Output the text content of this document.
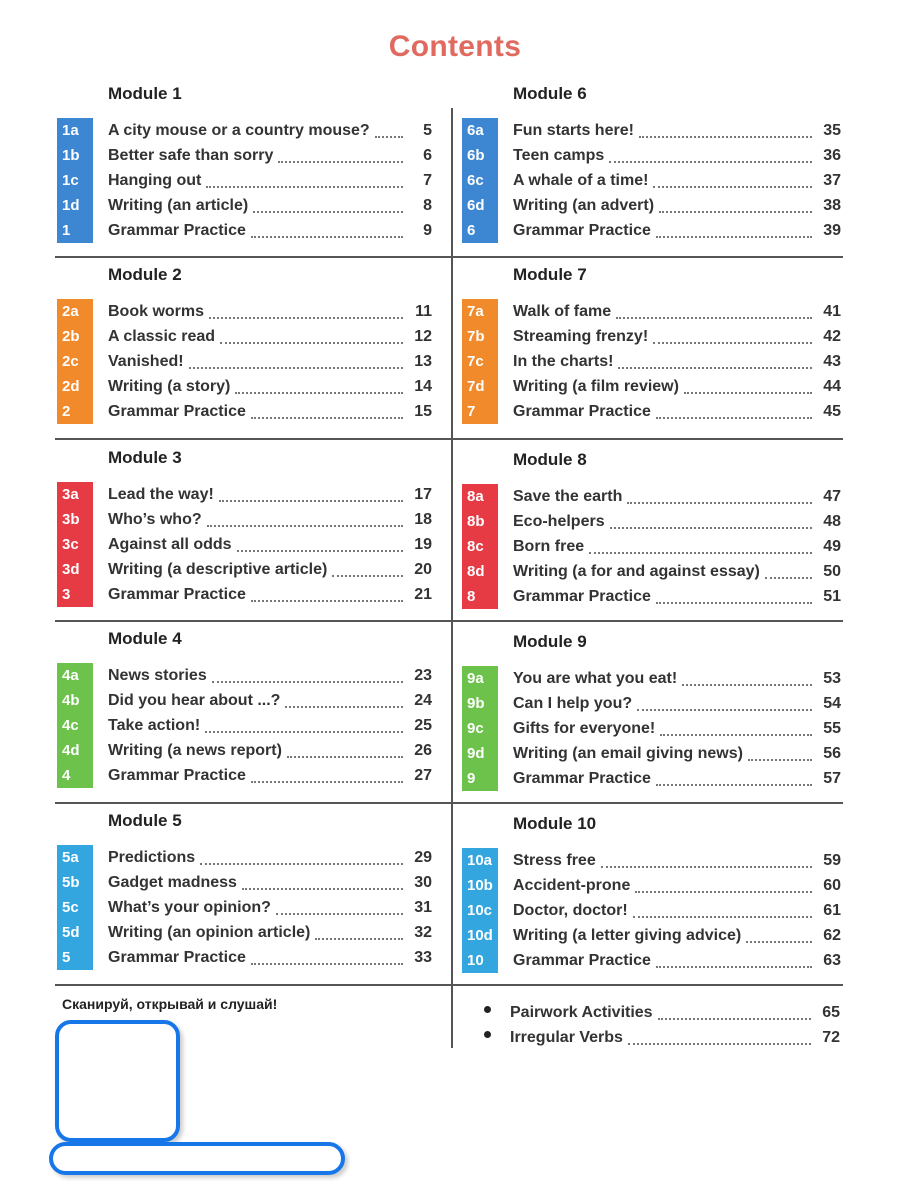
Contents
Module 1
1a	A city mouse or a country mouse?	5
1b	Better safe than sorry	6
1c	Hanging out	7
1d	Writing (an article)	8
1	Grammar Practice	9
Module 2
2a	Book worms	11
2b	A classic read	12
2c	Vanished!	13
2d	Writing (a story)	14
2	Grammar Practice	15
Module 3
3a	Lead the way!	17
3b	Who’s who?	18
3c	Against all odds	19
3d	Writing (a descriptive article)	20
3	Grammar Practice	21
Module 4
4a	News stories	23
4b	Did you hear about ...?	24
4c	Take action!	25
4d	Writing (a news report)	26
4	Grammar Practice	27
Module 5
5a	Predictions	29
5b	Gadget madness	30
5c	What’s your opinion?	31
5d	Writing (an opinion article)	32
5	Grammar Practice	33
Module 6
6a	Fun starts here!	35
6b	Teen camps	36
6c	A whale of a time!	37
6d	Writing (an advert)	38
6	Grammar Practice	39
Module 7
7a	Walk of fame	41
7b	Streaming frenzy!	42
7c	In the charts!	43
7d	Writing (a film review)	44
7	Grammar Practice	45
Module 8
8a	Save the earth	47
8b	Eco-helpers	48
8c	Born free	49
8d	Writing (a for and against essay)	50
8	Grammar Practice	51
Module 9
9a	You are what you eat!	53
9b	Can I help you?	54
9c	Gifts for everyone!	55
9d	Writing (an email giving news)	56
9	Grammar Practice	57
Module 10
10a	Stress free	59
10b	Accident-prone	60
10c	Doctor, doctor!	61
10d	Writing (a letter giving advice)	62
10	Grammar Practice	63
Pairwork Activities	65
Irregular Verbs	72
Сканируй, открывай и слушай!
